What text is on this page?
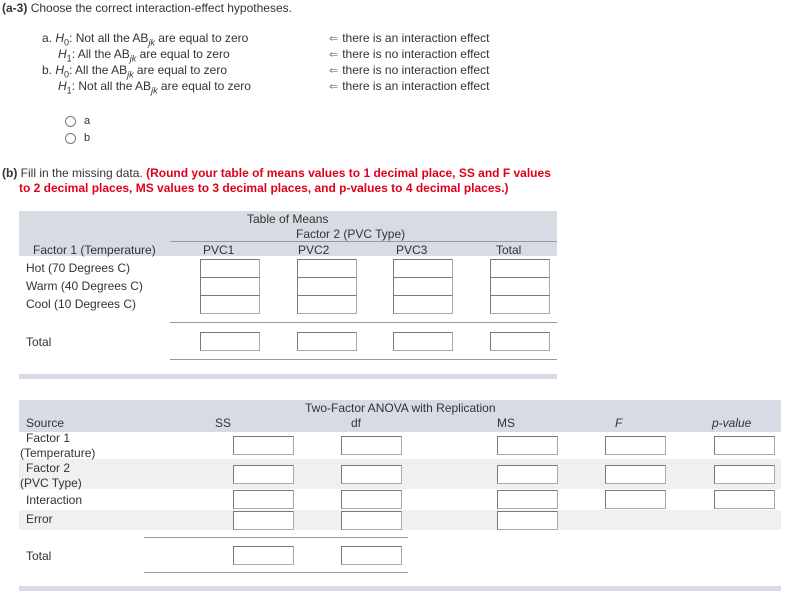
(a-3) Choose the correct interaction-effect hypotheses.
a. $H_0$: Not all the $AB_{jk}$ are equal to zero
$H_1$: All the $AB_{jk}$ are equal to zero
b. $H_0$: All the $AB_{jk}$ are equal to zero
$H_1$: Not all the $AB_{jk}$ are equal to zero
⇐ there is an interaction effect
⇐ there is no interaction effect
⇐ there is no interaction effect
⇐ there is an interaction effect
a
b
(b) Fill in the missing data. (Round your table of means values to 1 decimal place, SS and F values
to 2 decimal places, MS values to 3 decimal places, and p-values to 4 decimal places.)
Table of Means
Factor 2 (PVC Type)
Factor 1 (Temperature)	PVC1	PVC2	PVC3	Total
Hot (70 Degrees C)
Warm (40 Degrees C)
Cool (10 Degrees C)
Total
Two-Factor ANOVA with Replication
Source	SS	df	MS	F	p-value
Factor 1
(Temperature)
Factor 2
(PVC Type)
Interaction
Error
Total
